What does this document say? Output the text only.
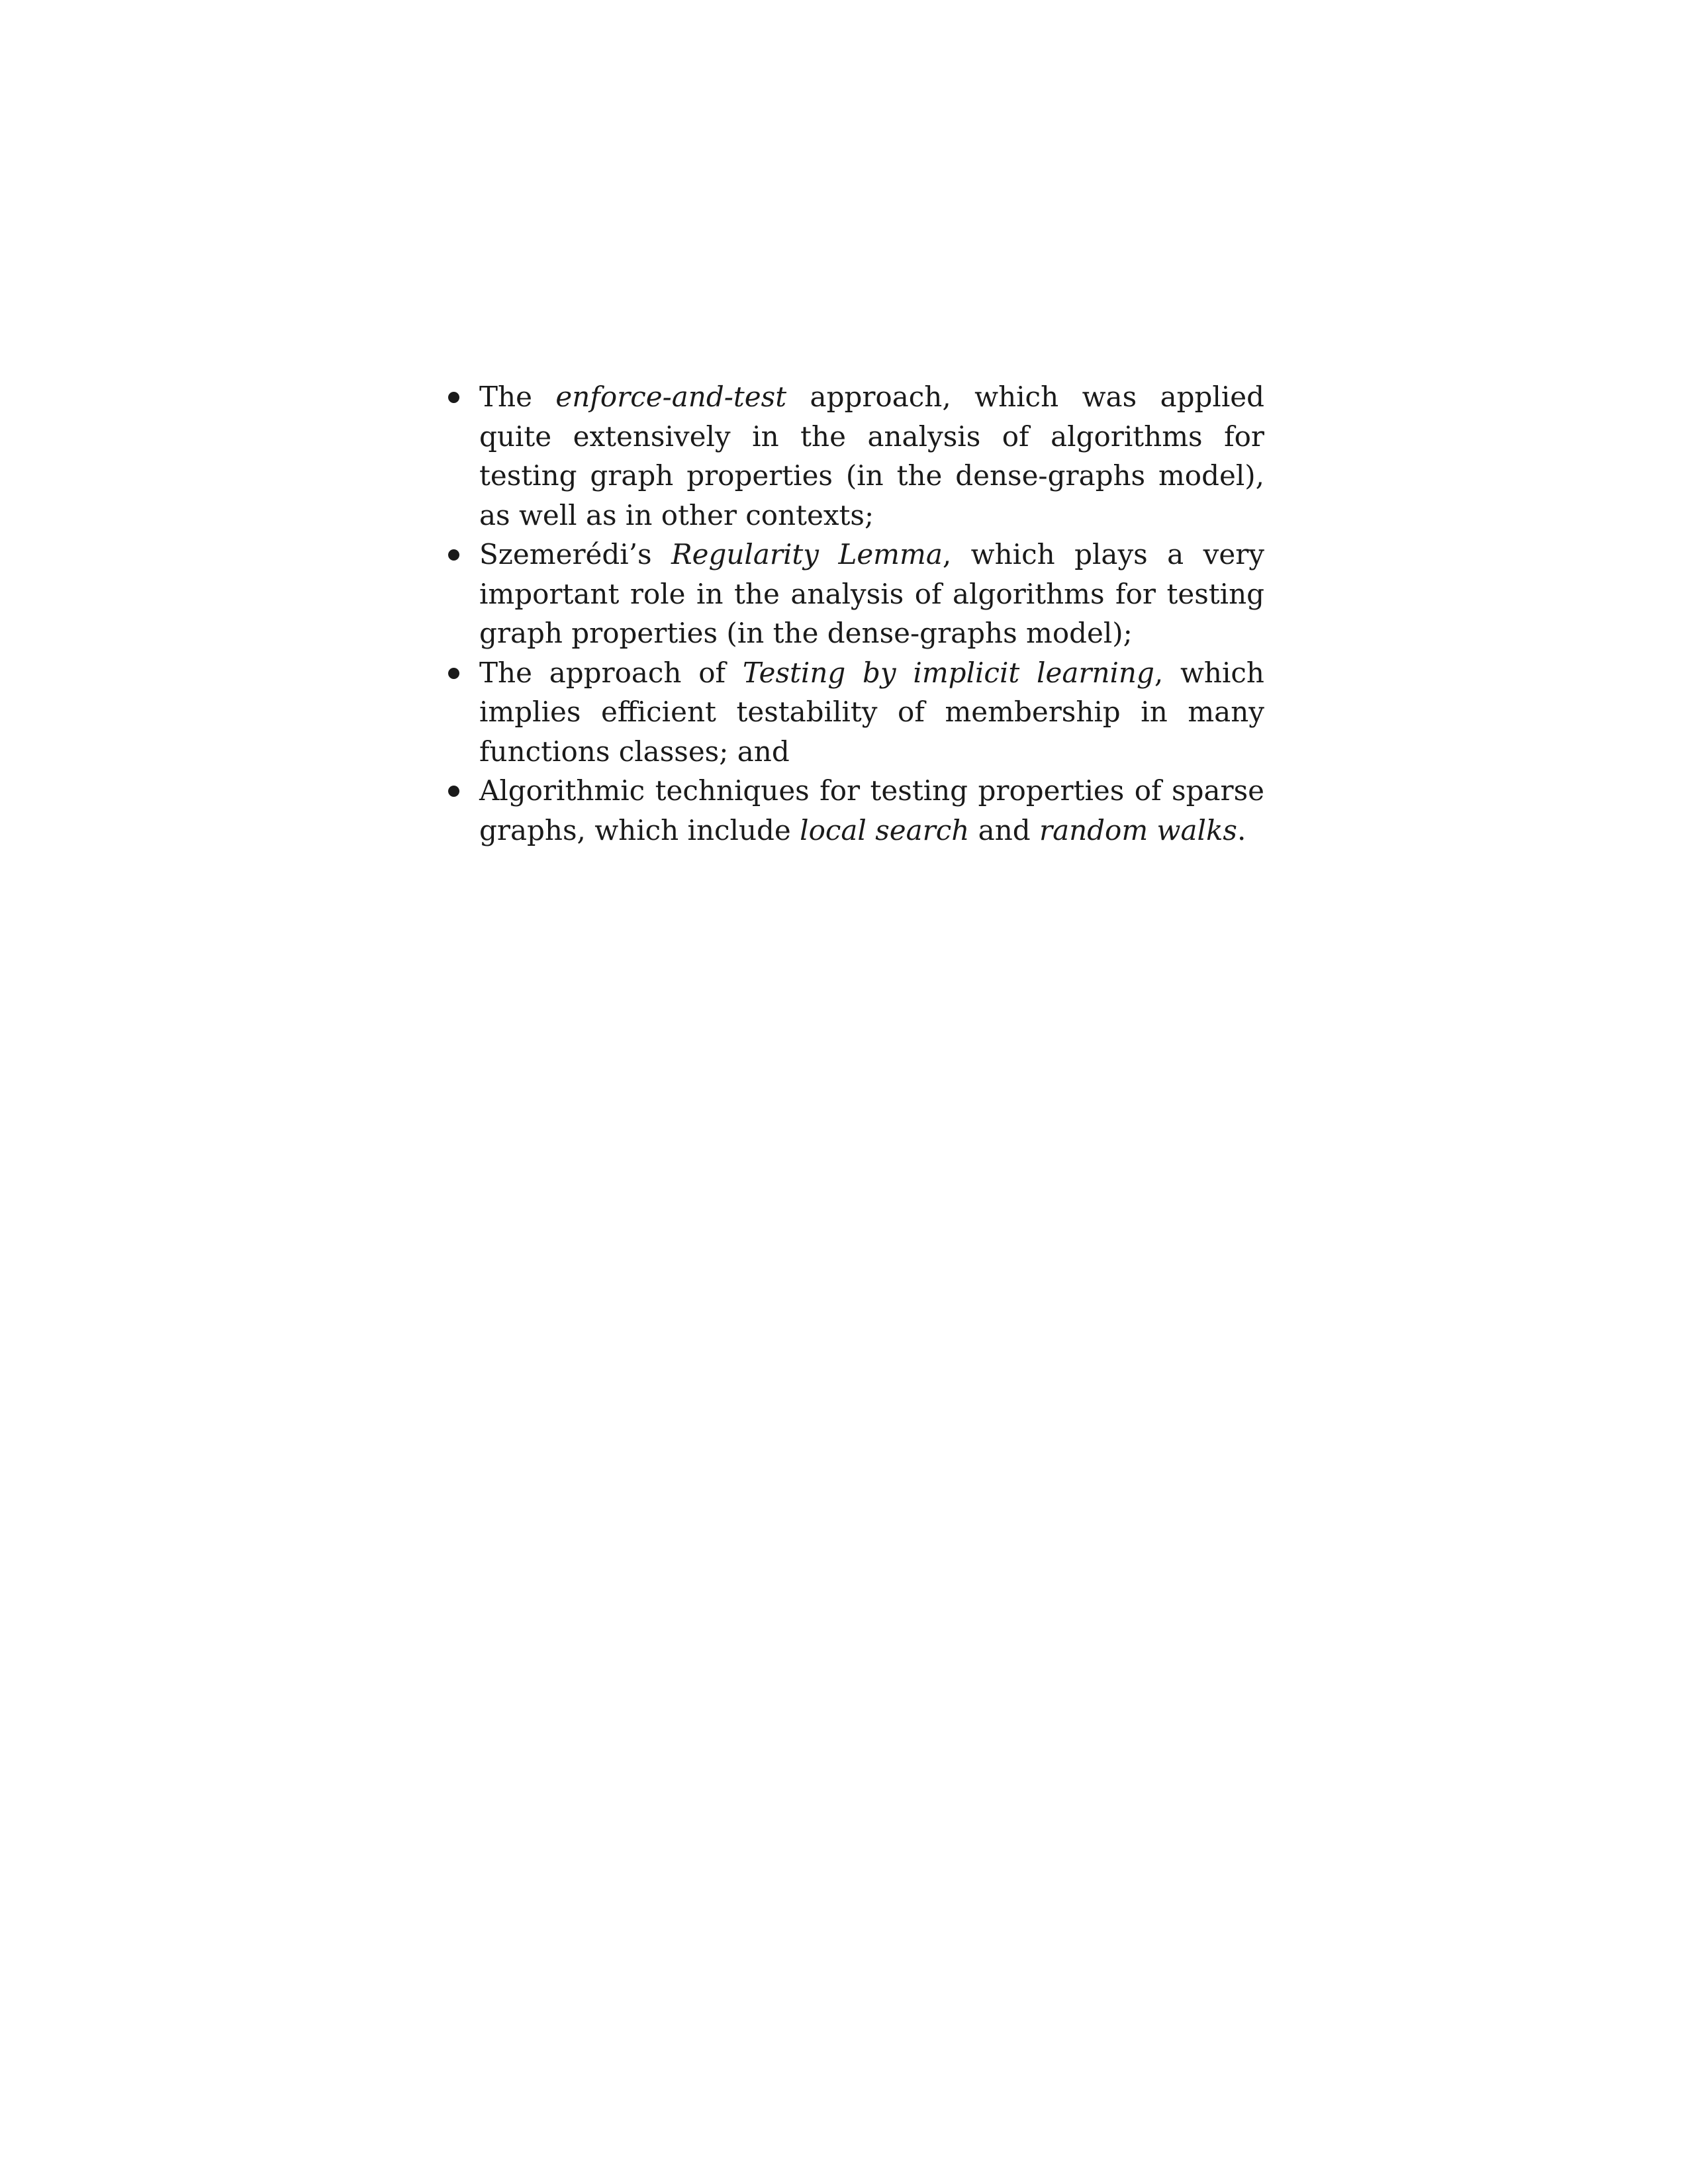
The enforce-and-test approach, which was applied quite extensively in the analysis of algorithms for testing graph properties (in the dense-graphs model), as well as in other contexts;
Szemerédi’s Regularity Lemma, which plays a very important role in the analysis of algorithms for testing graph properties (in the dense-graphs model);
The approach of Testing by implicit learning, which implies efficient testability of membership in many functions classes; and
Algorithmic techniques for testing properties of sparse graphs, which include local search and random walks.
